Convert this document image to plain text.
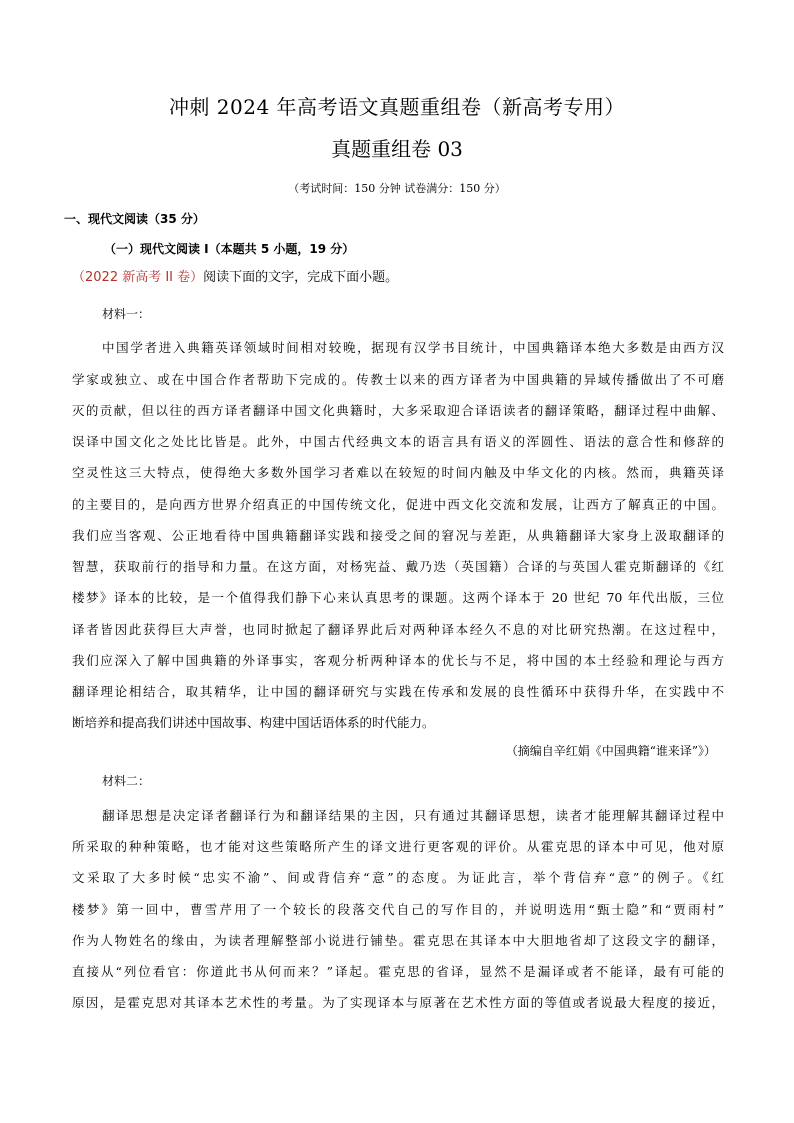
冲刺 2024 年高考语文真题重组卷（新高考专用）
真题重组卷 03
（考试时间：150 分钟 试卷满分：150 分）
一、现代文阅读（35 分）
（一）现代文阅读 I（本题共 5 小题，19 分）
（2022 新高考 II 卷）阅读下面的文字，完成下面小题。
材料一：
中国学者进入典籍英译领域时间相对较晚，据现有汉学书目统计，中国典籍译本绝大多数是由西方汉
学家或独立、或在中国合作者帮助下完成的。传教士以来的西方译者为中国典籍的异域传播做出了不可磨
灭的贡献，但以往的西方译者翻译中国文化典籍时，大多采取迎合译语读者的翻译策略，翻译过程中曲解、
误译中国文化之处比比皆是。此外，中国古代经典文本的语言具有语义的浑圆性、语法的意合性和修辞的
空灵性这三大特点，使得绝大多数外国学习者难以在较短的时间内触及中华文化的内核。然而，典籍英译
的主要目的，是向西方世界介绍真正的中国传统文化，促进中西文化交流和发展，让西方了解真正的中国。
我们应当客观、公正地看待中国典籍翻译实践和接受之间的窘况与差距，从典籍翻译大家身上汲取翻译的
智慧，获取前行的指导和力量。在这方面，对杨宪益、戴乃迭（英国籍）合译的与英国人霍克斯翻译的《红
楼梦》译本的比较，是一个值得我们静下心来认真思考的课题。这两个译本于 20 世纪 70 年代出版，三位
译者皆因此获得巨大声誉，也同时掀起了翻译界此后对两种译本经久不息的对比研究热潮。在这过程中，
我们应深入了解中国典籍的外译事实，客观分析两种译本的优长与不足，将中国的本土经验和理论与西方
翻译理论相结合，取其精华，让中国的翻译研究与实践在传承和发展的良性循环中获得升华，在实践中不
断培养和提高我们讲述中国故事、构建中国话语体系的时代能力。
（摘编自辛红娟《中国典籍“谁来译”》）
材料二：
翻译思想是决定译者翻译行为和翻译结果的主因，只有通过其翻译思想，读者才能理解其翻译过程中
所采取的种种策略，也才能对这些策略所产生的译文进行更客观的评价。从霍克思的译本中可见，他对原
文采取了大多时候“忠实不渝”、间或背信弃“意”的态度。为证此言，举个背信弃“意”的例子。《红
楼梦》第一回中，曹雪芹用了一个较长的段落交代自己的写作目的，并说明选用“甄士隐”和“贾雨村”
作为人物姓名的缘由，为读者理解整部小说进行铺垫。霍克思在其译本中大胆地省却了这段文字的翻译，
直接从“列位看官：你道此书从何而来？”译起。霍克思的省译，显然不是漏译或者不能译，最有可能的
原因，是霍克思对其译本艺术性的考量。为了实现译本与原著在艺术性方面的等值或者说最大程度的接近，
